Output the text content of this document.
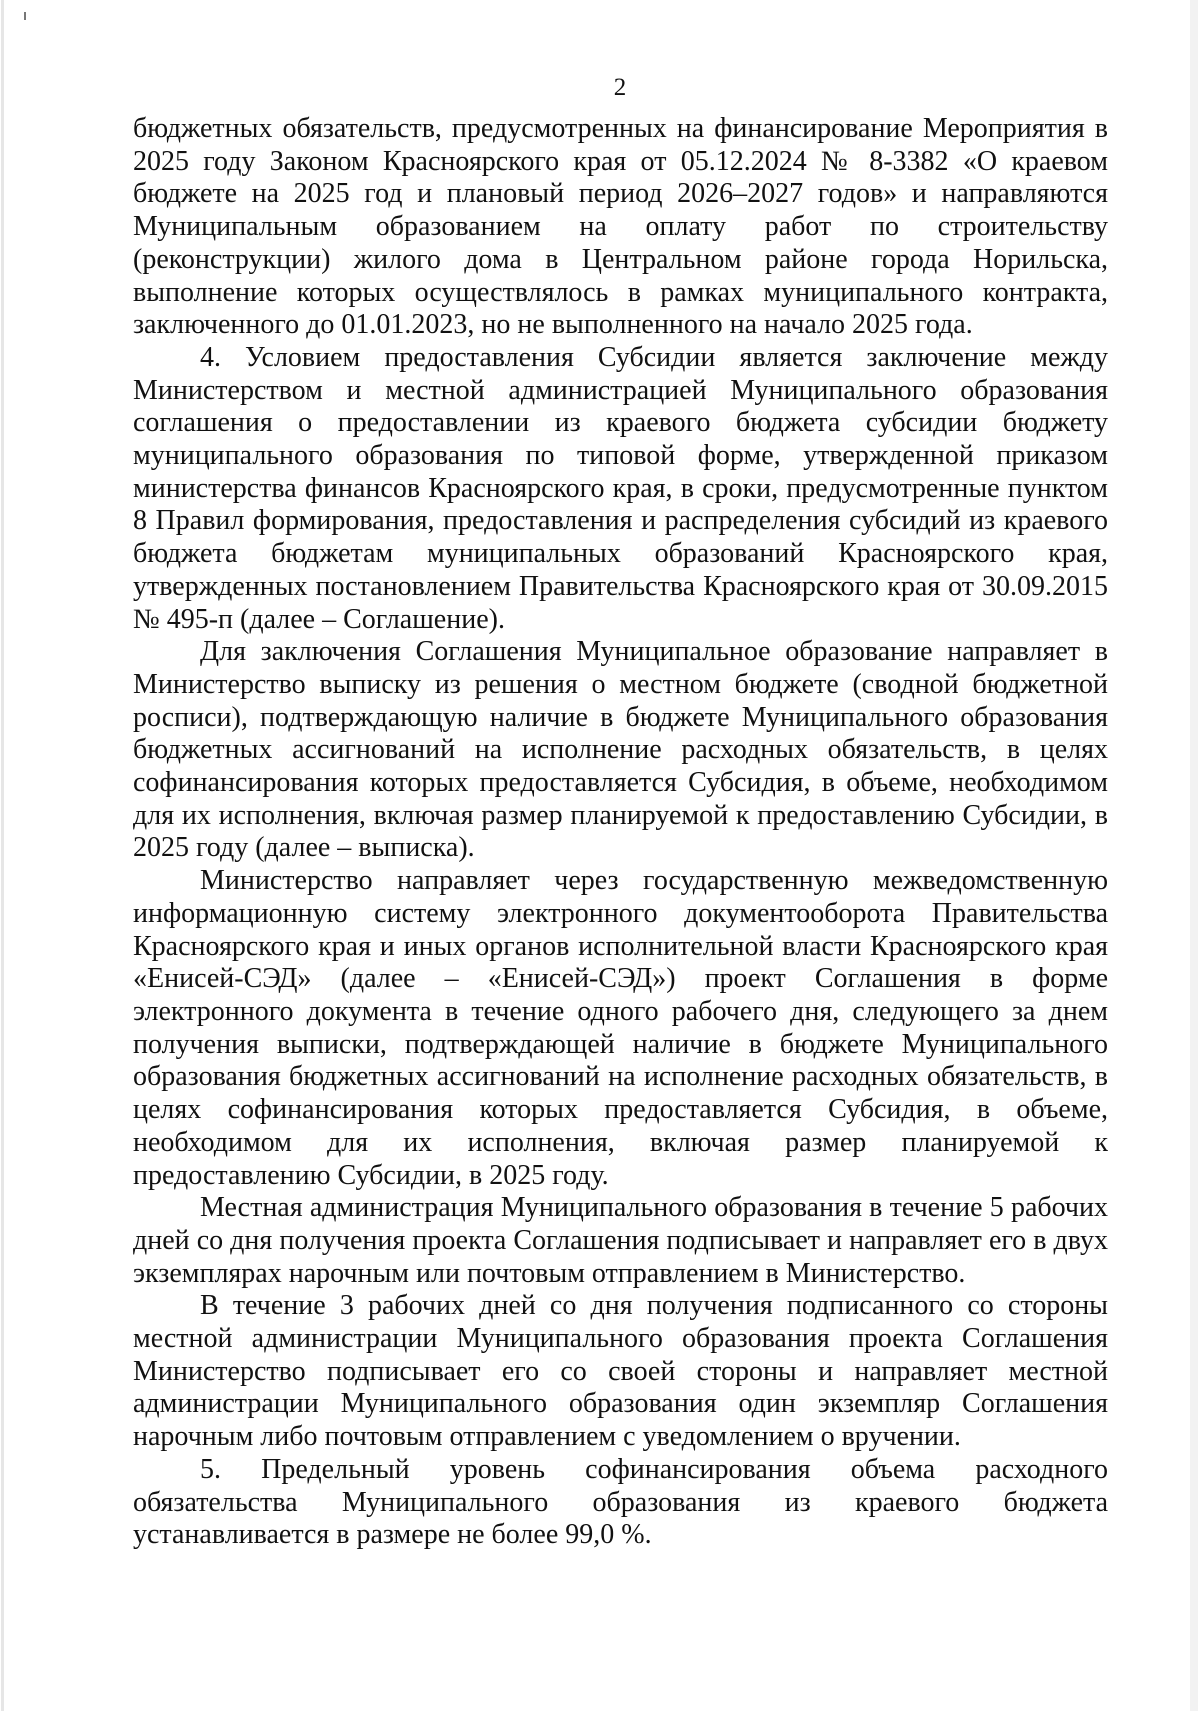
2

бюджетных обязательств, предусмотренных на финансирование Мероприятия в 2025 году Законом Красноярского края от 05.12.2024 № 8-3382 «О краевом бюджете на 2025 год и плановый период 2026–2027 годов» и направляются Муниципальным образованием на оплату работ по строительству (реконструкции) жилого дома в Центральном районе города Норильска, выполнение которых осуществлялось в рамках муниципального контракта, заключенного до 01.01.2023, но не выполненного на начало 2025 года.

4. Условием предоставления Субсидии является заключение между Министерством и местной администрацией Муниципального образования соглашения о предоставлении из краевого бюджета субсидии бюджету муниципального образования по типовой форме, утвержденной приказом министерства финансов Красноярского края, в сроки, предусмотренные пунктом 8 Правил формирования, предоставления и распределения субсидий из краевого бюджета бюджетам муниципальных образований Красноярского края, утвержденных постановлением Правительства Красноярского края от 30.09.2015 № 495-п (далее – Соглашение).

Для заключения Соглашения Муниципальное образование направляет в Министерство выписку из решения о местном бюджете (сводной бюджетной росписи), подтверждающую наличие в бюджете Муниципального образования бюджетных ассигнований на исполнение расходных обязательств, в целях софинансирования которых предоставляется Субсидия, в объеме, необходимом для их исполнения, включая размер планируемой к предоставлению Субсидии, в 2025 году (далее – выписка).

Министерство направляет через государственную межведомственную информационную систему электронного документооборота Правительства Красноярского края и иных органов исполнительной власти Красноярского края «Енисей-СЭД» (далее – «Енисей-СЭД») проект Соглашения в форме электронного документа в течение одного рабочего дня, следующего за днем получения выписки, подтверждающей наличие в бюджете Муниципального образования бюджетных ассигнований на исполнение расходных обязательств, в целях софинансирования которых предоставляется Субсидия, в объеме, необходимом для их исполнения, включая размер планируемой к предоставлению Субсидии, в 2025 году.

Местная администрация Муниципального образования в течение 5 рабочих дней со дня получения проекта Соглашения подписывает и направляет его в двух экземплярах нарочным или почтовым отправлением в Министерство.

В течение 3 рабочих дней со дня получения подписанного со стороны местной администрации Муниципального образования проекта Соглашения Министерство подписывает его со своей стороны и направляет местной администрации Муниципального образования один экземпляр Соглашения нарочным либо почтовым отправлением с уведомлением о вручении.

5. Предельный уровень софинансирования объема расходного обязательства Муниципального образования из краевого бюджета устанавливается в размере не более 99,0 %.
